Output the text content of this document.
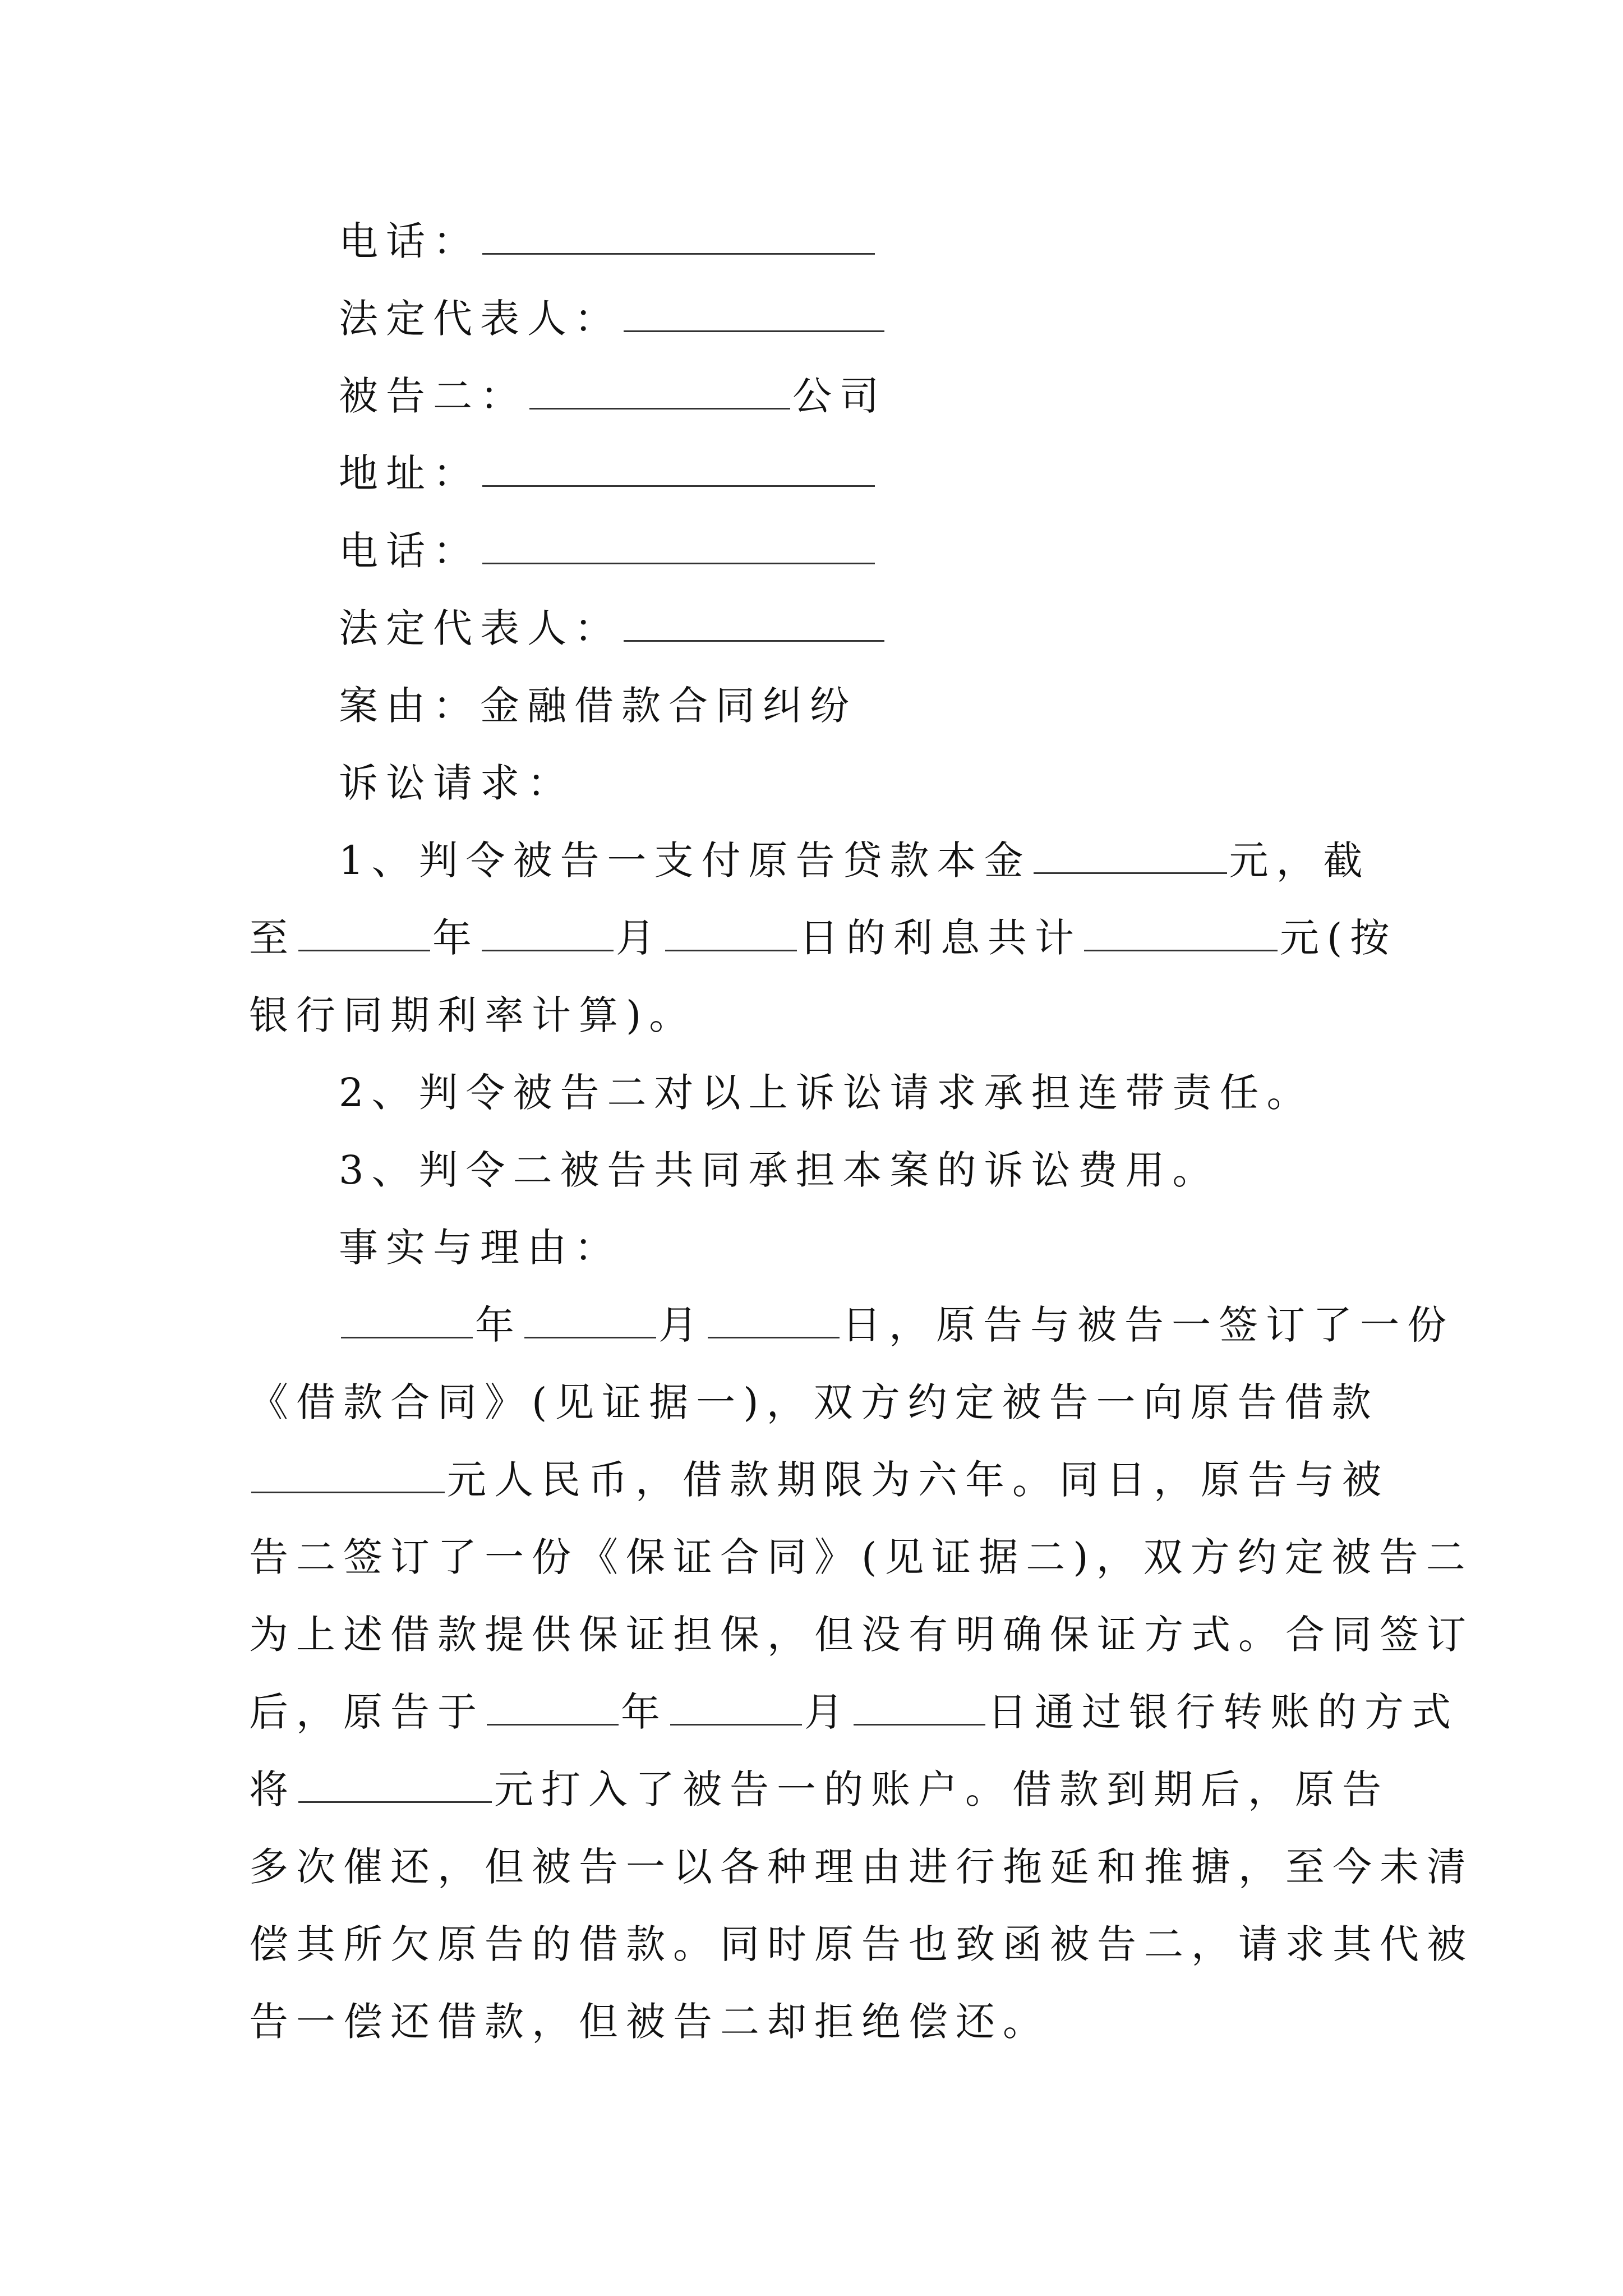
电话：
法定代表人：
被告二：	公司
地址：
电话：
法定代表人：
案由：金融借款合同纠纷
诉讼请求：
1、判令被告一支付原告贷款本金	元，截
至	年	月	日的利息共计	元(按
银行同期利率计算)。
2、判令被告二对以上诉讼请求承担连带责任。
3、判令二被告共同承担本案的诉讼费用。
事实与理由：
年	月	日，原告与被告一签订了一份
《借款合同》(见证据一)，双方约定被告一向原告借款
元人民币，借款期限为六年。同日，原告与被
告二签订了一份《保证合同》(见证据二)，双方约定被告二
为上述借款提供保证担保，但没有明确保证方式。合同签订
后，原告于	年	月	日通过银行转账的方式
将	元打入了被告一的账户。借款到期后，原告
多次催还，但被告一以各种理由进行拖延和推搪，至今未清
偿其所欠原告的借款。同时原告也致函被告二，请求其代被
告一偿还借款，但被告二却拒绝偿还。
